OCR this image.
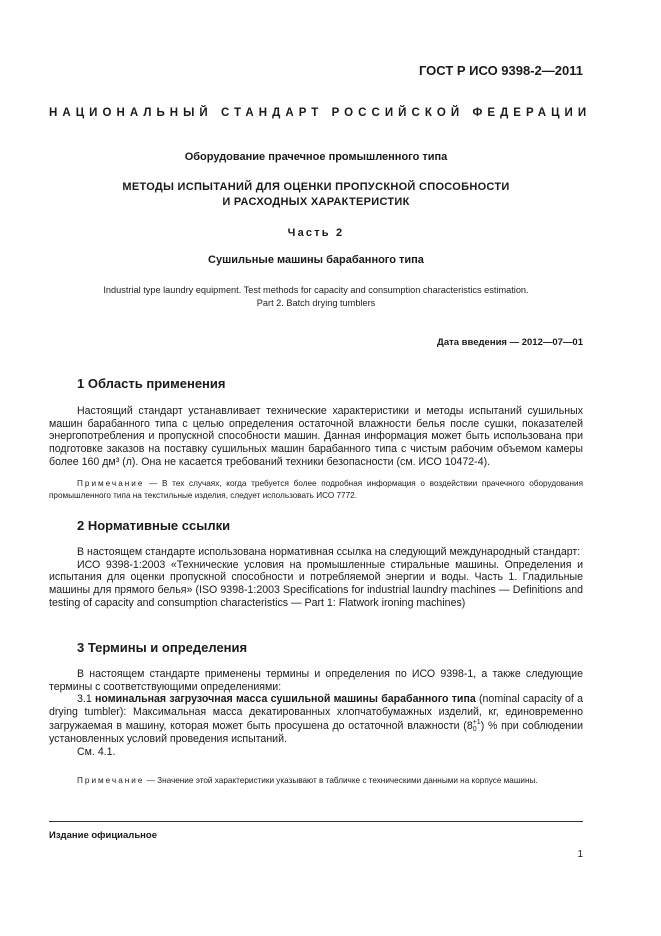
ГОСТ Р ИСО 9398-2—2011
НАЦИОНАЛЬНЫЙ СТАНДАРТ РОССИЙСКОЙ ФЕДЕРАЦИИ
Оборудование прачечное промышленного типа
МЕТОДЫ ИСПЫТАНИЙ ДЛЯ ОЦЕНКИ ПРОПУСКНОЙ СПОСОБНОСТИ
И РАСХОДНЫХ ХАРАКТЕРИСТИК
Часть 2
Сушильные машины барабанного типа
Industrial type laundry equipment. Test methods for capacity and consumption characteristics estimation.
Part 2. Batch drying tumblers
Дата введения — 2012—07—01
1 Область применения

Настоящий стандарт устанавливает технические характеристики и методы испытаний сушильных машин барабанного типа с целью определения остаточной влажности белья после сушки, показателей энергопотребления и пропускной способности машин. Данная информация может быть использована при подготовке заказов на поставку сушильных машин барабанного типа с чистым рабочим объемом камеры более 160 дм³ (л). Она не касается требований техники безопасности (см. ИСО 10472-4).

Примечание — В тех случаях, когда требуется более подробная информация о воздействии прачечного оборудования промышленного типа на текстильные изделия, следует использовать ИСО 7772.

2 Нормативные ссылки
В настоящем стандарте использована нормативная ссылка на следующий международный стандарт:
ИСО 9398-1:2003 «Технические условия на промышленные стиральные машины. Определения и испытания для оценки пропускной способности и потребляемой энергии и воды. Часть 1. Гладильные машины для прямого белья» (ISO 9398-1:2003 Specifications for industrial laundry machines — Definitions and testing of capacity and consumption characteristics — Part 1: Flatwork ironing machines)
3 Термины и определения
В настоящем стандарте применены термины и определения по ИСО 9398-1, а также следующие термины с соответствующими определениями:
3.1 номинальная загрузочная масса сушильной машины барабанного типа (nominal capacity of a drying tumbler): Максимальная масса декатированных хлопчатобумажных изделий, кг, единовременно загружаемая в машину, которая может быть просушена до остаточной влажности (8 +1
0 ) % при соблюдении установленных условий проведения испытаний.
См. 4.1.

Примечание — Значение этой характеристики указывают в табличке с техническими данными на корпусе машины.

Издание официальное
1
